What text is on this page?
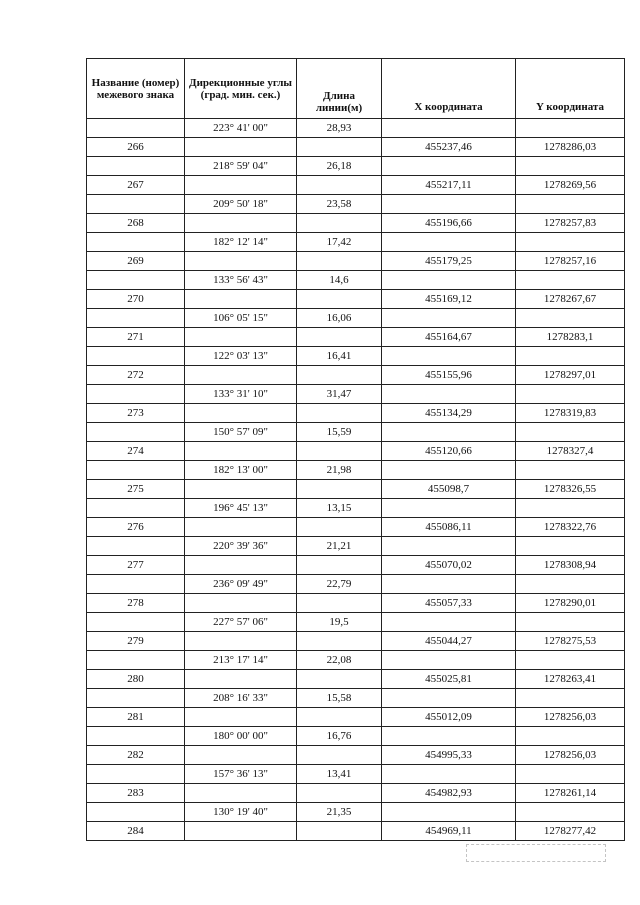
Название (номер) межевого знака	Дирекционные углы (град. мин. сек.)	Длина линии(м)	X координата	Y координата
	223° 41' 00"	28,93		
266			455237,46	1278286,03
	218° 59' 04"	26,18		
267			455217,11	1278269,56
	209° 50' 18"	23,58		
268			455196,66	1278257,83
	182° 12' 14"	17,42		
269			455179,25	1278257,16
	133° 56' 43"	14,6		
270			455169,12	1278267,67
	106° 05' 15"	16,06		
271			455164,67	1278283,1
	122° 03' 13"	16,41		
272			455155,96	1278297,01
	133° 31' 10"	31,47		
273			455134,29	1278319,83
	150° 57' 09"	15,59		
274			455120,66	1278327,4
	182° 13' 00"	21,98		
275			455098,7	1278326,55
	196° 45' 13"	13,15		
276			455086,11	1278322,76
	220° 39' 36"	21,21		
277			455070,02	1278308,94
	236° 09' 49"	22,79		
278			455057,33	1278290,01
	227° 57' 06"	19,5		
279			455044,27	1278275,53
	213° 17' 14"	22,08		
280			455025,81	1278263,41
	208° 16' 33"	15,58		
281			455012,09	1278256,03
	180° 00' 00"	16,76		
282			454995,33	1278256,03
	157° 36' 13"	13,41		
283			454982,93	1278261,14
	130° 19' 40"	21,35		
284			454969,11	1278277,42
